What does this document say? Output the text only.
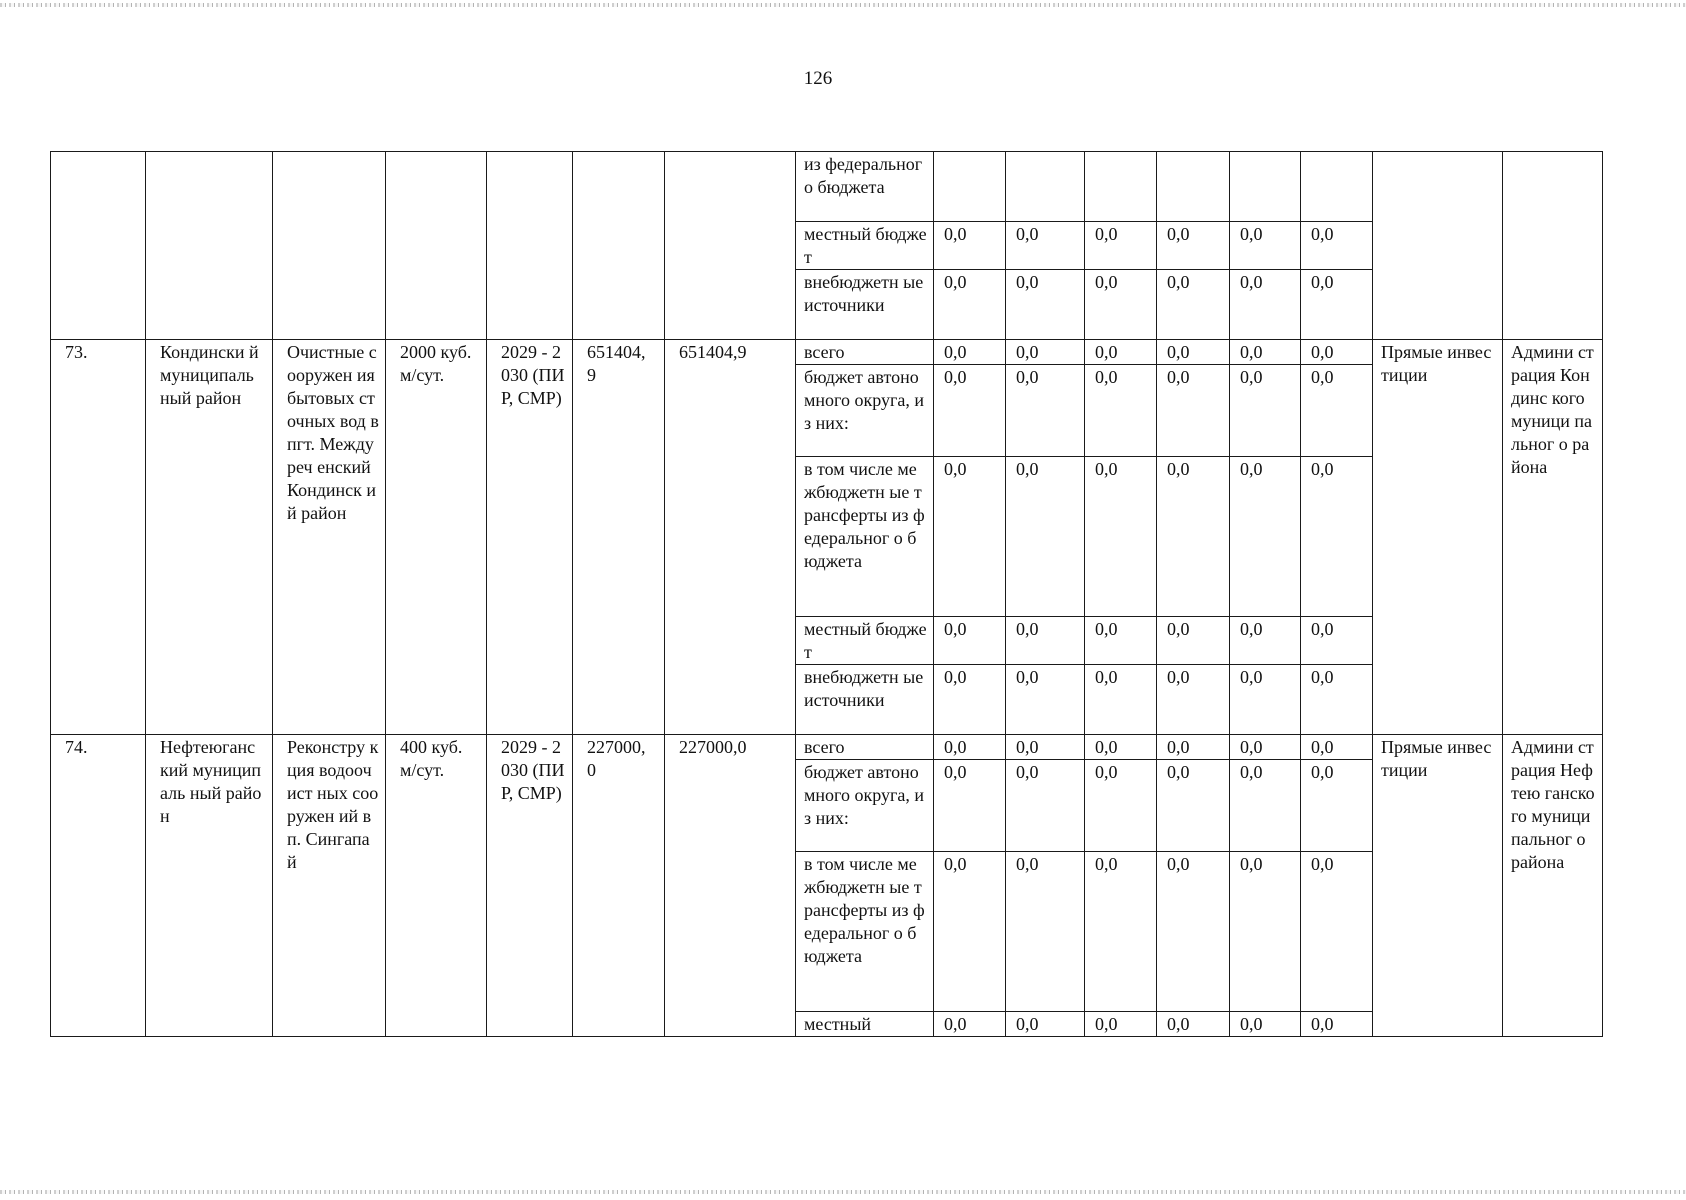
126
							из федеральног о бюджета								
							местный бюджет	0,0	0,0	0,0	0,0	0,0	0,0		
							внебюджетн ые источники	0,0	0,0	0,0	0,0	0,0	0,0		
73.	Кондински й муниципаль ный район	Очистные сооружен ия бытовых сточных вод в пгт. Междуреч енский Кондинск ий район	2000 куб. м/сут.	2029 - 2030 (ПИР, СМР)	651404, 9	651404,9	всего	0,0	0,0	0,0	0,0	0,0	0,0	Прямые инвестиции	Админи страция Кондинс кого муници пальног о района
							бюджет автономного округа, из них:	0,0	0,0	0,0	0,0	0,0	0,0		
							в том числе межбюджетн ые трансферты из федеральног о бюджета	0,0	0,0	0,0	0,0	0,0	0,0		
							местный бюджет	0,0	0,0	0,0	0,0	0,0	0,0		
							внебюджетн ые источники	0,0	0,0	0,0	0,0	0,0	0,0		
74.	Нефтеюганс кий муниципаль ный район	Реконстру кция водоочист ных сооружен ий в п. Сингапай	400 куб. м/сут.	2029 - 2030 (ПИР, СМР)	227000, 0	227000,0	всего	0,0	0,0	0,0	0,0	0,0	0,0	Прямые инвестиции	Админи страция Нефтею ганского муници пальног о района
							бюджет автономного округа, из них:	0,0	0,0	0,0	0,0	0,0	0,0		
							в том числе межбюджетн ые трансферты из федеральног о бюджета	0,0	0,0	0,0	0,0	0,0	0,0		
							местный	0,0	0,0	0,0	0,0	0,0	0,0		
